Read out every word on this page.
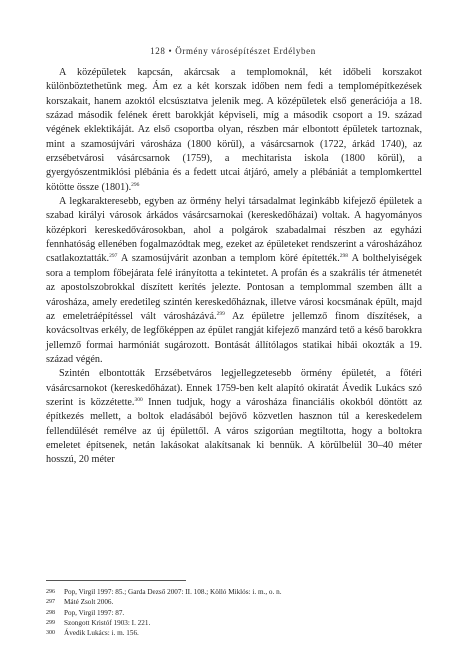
128 • Örmény városépítészet Erdélyben

A középületek kapcsán, akárcsak a templomoknál, két időbeli korszakot különböztethetünk meg. Ám ez a két korszak időben nem fedi a templomépítkezések korszakait, hanem azoktól elcsúsztatva jelenik meg. A középületek első generációja a 18. század második felének érett barokkját képviseli, míg a második csoport a 19. század végének eklektikáját. Az első csoportba olyan, részben már elbontott épületek tartoznak, mint a szamosújvári városháza (1800 körül), a vásárcsarnok (1722, árkád 1740), az erzsébetvárosi vásárcsarnok (1759), a mechitarista iskola (1800 körül), a gyergyószentmiklósi plébánia és a fedett utcai átjáró, amely a plébániát a templomkerttel kötötte össze (1801).$^{296}$

A legkarakteresebb, egyben az örmény helyi társadalmat leginkább kifejező épületek a szabad királyi városok árkádos vásárcsarnokai (kereskedőházai) voltak. A hagyományos középkori kereskedővárosokban, ahol a polgárok szabadalmai részben az egyházi fennhatóság ellenében fogalmazódtak meg, ezeket az épületeket rendszerint a városházához csatlakoztatták.$^{297}$ A szamosújvárit azonban a templom köré építették.$^{298}$ A bolthelyiségek sora a templom főbejárata felé irányította a tekintetet. A profán és a szakrális tér átmenetét az apostolszobrokkal díszített kerítés jelezte. Pontosan a templommal szemben állt a városháza, amely eredetileg szintén kereskedőháznak, illetve városi kocsmának épült, majd az emeletráépítéssel vált városházává.$^{299}$ Az épületre jellemző finom díszítések, a kovácsoltvas erkély, de legfőképpen az épület rangját kifejező manzárd tető a késő barokkra jellemző formai harmóniát sugározott. Bontását állítólagos statikai hibái okozták a 19. század végén.

Szintén elbontották Erzsébetváros legjellegzetesebb örmény épületét, a főtéri vásárcsarnokot (kereskedőházat). Ennek 1759-ben kelt alapító okiratát Ávedik Lukács szó szerint is közzétette.$^{300}$ Innen tudjuk, hogy a városháza financiális okokból döntött az építkezés mellett, a boltok eladásából bejövő közvetlen hasznon túl a kereskedelem fellendülését remélve az új épülettől. A város szigorúan megtiltotta, hogy a boltokra emeletet építsenek, netán lakásokat alakítsanak ki bennük. A körülbelül 30–40 méter hosszú, 20 méter

296 Pop, Virgil 1997: 85.; Garda Dezső 2007: II. 108.; Kölló Miklós: i. m., o. n.
297 Máté Zsolt 2006.
298 Pop, Virgil 1997: 87.
299 Szongott Kristóf 1903: I. 221.
300 Ávedik Lukács: i. m. 156.
